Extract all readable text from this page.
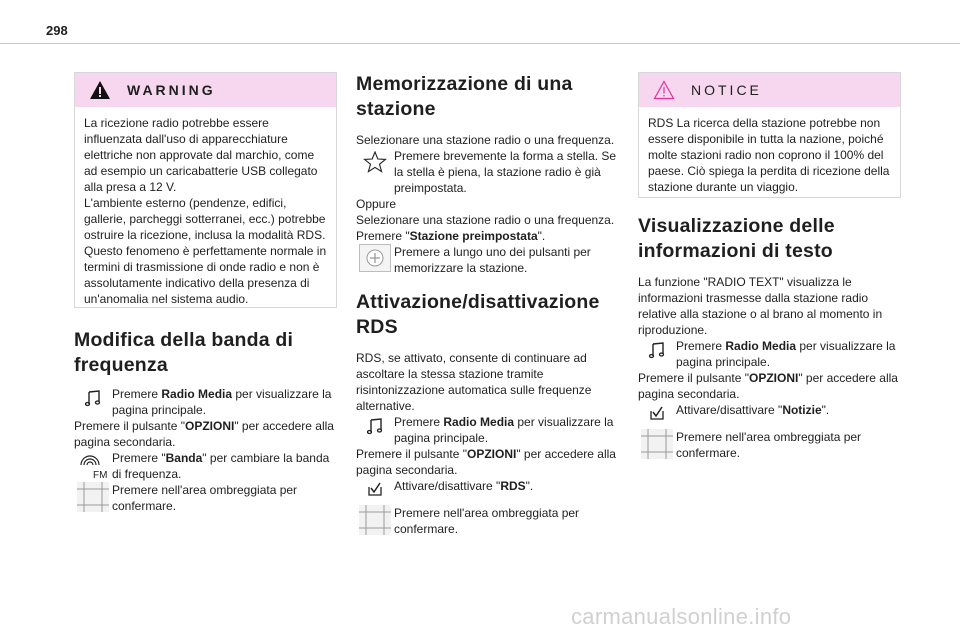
298
WARNING

La ricezione radio potrebbe essere influenzata dall'uso di apparecchiature elettriche non approvate dal marchio, come ad esempio un caricabatterie USB collegato alla presa a 12 V.

L'ambiente esterno (pendenze, edifici, gallerie, parcheggi sotterranei, ecc.) potrebbe ostruire la ricezione, inclusa la modalità RDS. Questo fenomeno è perfettamente normale in termini di trasmissione di onde radio e non è assolutamente indicativo della presenza di un'anomalia nel sistema audio.

Modifica della banda di frequenza
Premere Radio Media per visualizzare la pagina principale.
Premere il pulsante "OPZIONI" per accedere alla pagina secondaria.
FM
Premere "Banda" per cambiare la banda di frequenza.
Premere nell'area ombreggiata per confermare.
Memorizzazione di una stazione
Selezionare una stazione radio o una frequenza.
Premere brevemente la forma a stella. Se la stella è piena, la stazione radio è già preimpostata.
Oppure
Selezionare una stazione radio o una frequenza.
Premere "Stazione preimpostata".
Premere a lungo uno dei pulsanti per memorizzare la stazione.
Attivazione/disattivazione RDS
RDS, se attivato, consente di continuare ad ascoltare la stessa stazione tramite risintonizzazione automatica sulle frequenze alternative.
Premere Radio Media per visualizzare la pagina principale.
Premere il pulsante "OPZIONI" per accedere alla pagina secondaria.
Attivare/disattivare "RDS".
Premere nell'area ombreggiata per confermare.
NOTICE

RDS La ricerca della stazione potrebbe non essere disponibile in tutta la nazione, poiché molte stazioni radio non coprono il 100% del paese. Ciò spiega la perdita di ricezione della stazione durante un viaggio.

Visualizzazione delle informazioni di testo
La funzione "RADIO TEXT" visualizza le informazioni trasmesse dalla stazione radio relative alla stazione o al brano al momento in riproduzione.
Premere Radio Media per visualizzare la pagina principale.
Premere il pulsante "OPZIONI" per accedere alla pagina secondaria.
Attivare/disattivare "Notizie".
Premere nell'area ombreggiata per confermare.
carmanualsonline.info
